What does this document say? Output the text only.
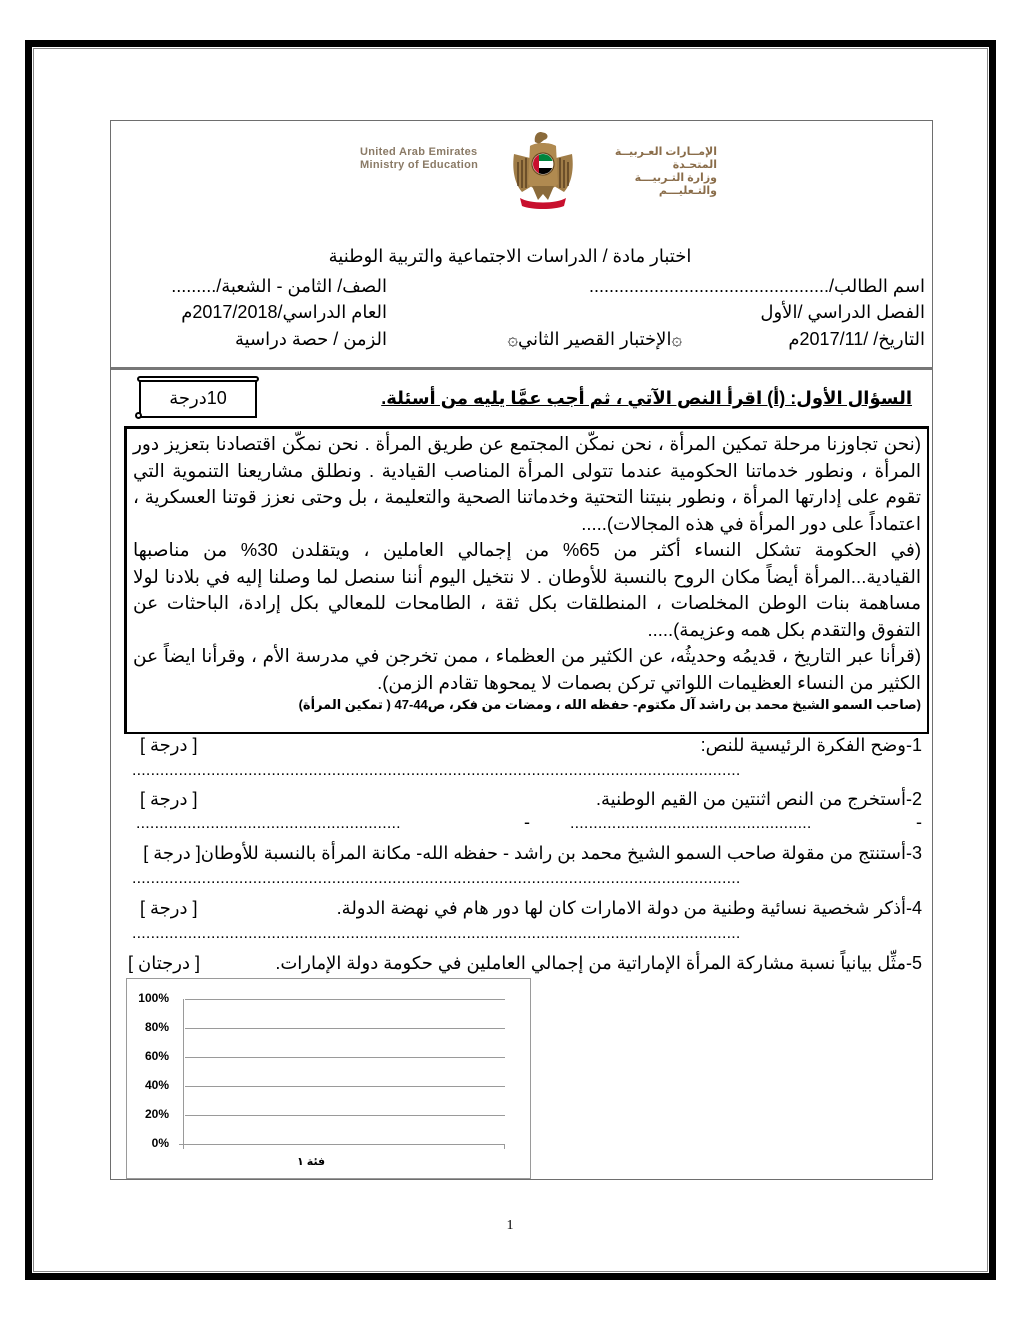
United Arab Emirates
Ministry of Education
الإمــارات العـربيــة المتحـدة
وزارة التـربيـــة والتـعليـــم
اختبار مادة / الدراسات الاجتماعية والتربية الوطنية
اسم الطالب/................................................
الصف/ الثامن - الشعبة/.........
الفصل الدراسي /الأول
العام الدراسي/2017/2018م
التاريخ/ /2017/11م
۞الإختبار القصير الثاني۞
الزمن / حصة دراسية
10درجة	السؤال الأول: (أ) اقرأ النص الآتي ، ثم أجب عمَّا يليه من أسئلة.

(نحن تجاوزنا مرحلة تمكين المرأة ، نحن نمكّن المجتمع عن طريق المرأة . نحن نمكّن اقتصادنا بتعزيز دور المرأة ، ونطور خدماتنا الحكومية عندما تتولى المرأة المناصب القيادية . ونطلق مشاريعنا التنموية التي تقوم على إدارتها المرأة ، ونطور بنيتنا التحتية وخدماتنا الصحية والتعليمة ، بل وحتى نعزز قوتنا العسكرية ، اعتماداً على دور المرأة في هذه المجالات).....

(في الحكومة تشكل النساء أكثر من 65% من إجمالي العاملين ، ويتقلدن 30% من مناصبها القيادية...المرأة أيضاً مكان الروح بالنسبة للأوطان . لا نتخيل اليوم أننا سنصل لما وصلنا إليه في بلادنا لولا مساهمة بنات الوطن المخلصات ، المنطلقات بكل ثقة ، الطامحات للمعالي بكل إرادة، الباحثات عن التفوق والتقدم بكل همه وعزيمة).....

(قرأنا عبر التاريخ ، قديمُه وحديثُه، عن الكثير من العظماء ، ممن تخرجن في مدرسة الأم ، وقرأنا ايضاً عن الكثير من النساء العظيمات اللواتي تركن بصمات لا يمحوها تقادم الزمن).

(صاحب السمو الشيخ محمد بن راشد آل مكتوم- حفظه الله ، ومضات من فكر، ص44-47 ( تمكين المرأة)
1-وضح الفكرة الرئيسية للنص:
[ درجة ]
...................................................................................................................................
2-أستخرج من النص اثنتين من القيم الوطنية.
[ درجة ]
.........................................................	-	....................................................	-
3-أستنتج من مقولة صاحب السمو الشيخ محمد بن راشد - حفظه الله- مكانة المرأة بالنسبة للأوطان[ درجة ]
...................................................................................................................................
4-أذكر شخصية نسائية وطنية من دولة الامارات كان لها دور هام في نهضة الدولة.
[ درجة ]
...................................................................................................................................
5-مثِّل بيانياً نسبة مشاركة المرأة الإماراتية من إجمالي العاملين في حكومة دولة الإمارات.
[ درجتان ]
100%
80%
60%
40%
20%
0%
فئة ١
1
